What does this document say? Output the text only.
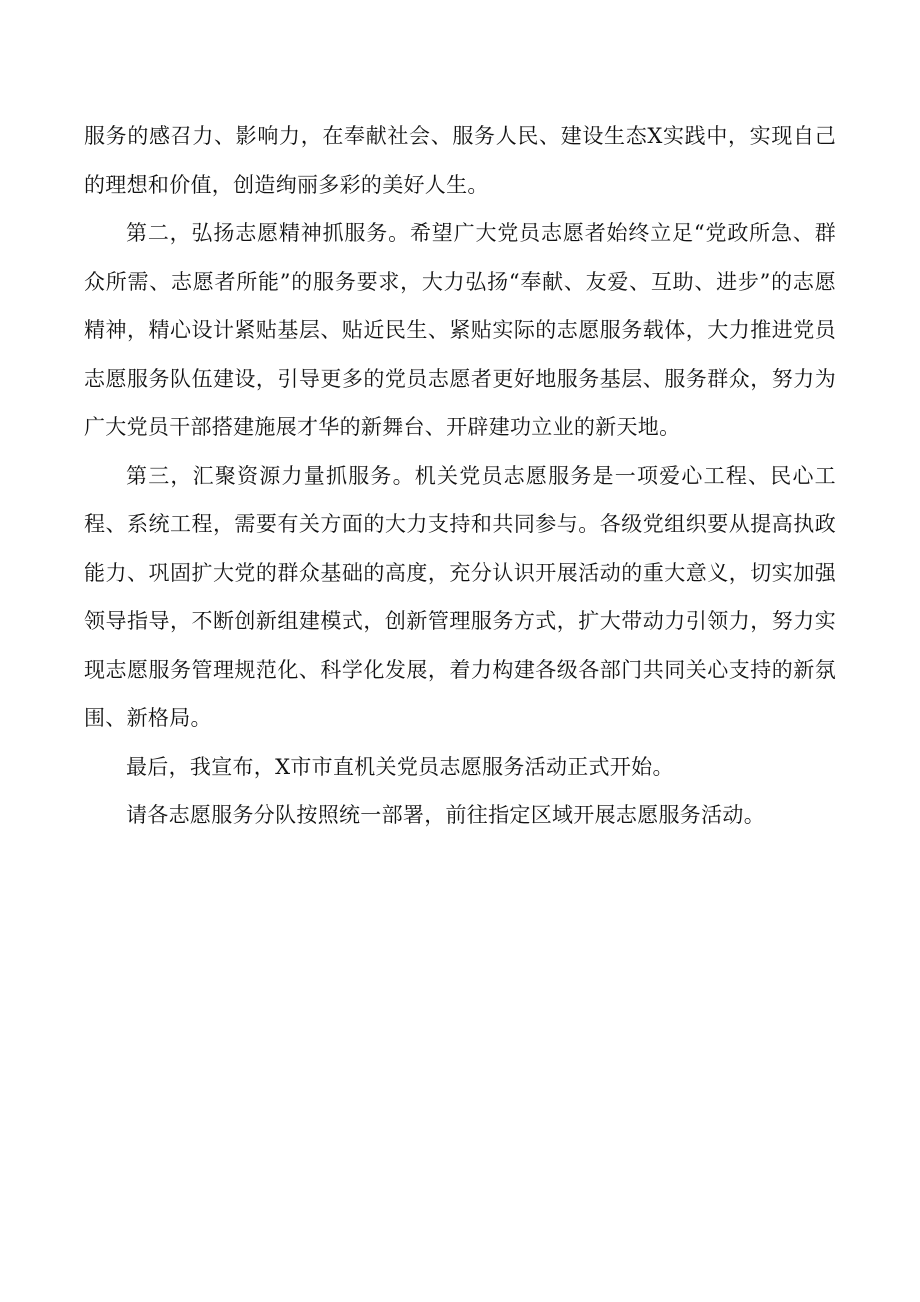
服务的感召力、影响力，在奉献社会、服务人民、建设生态X实践中，实现自己的理想和价值，创造绚丽多彩的美好人生。

第二，弘扬志愿精神抓服务。希望广大党员志愿者始终立足“党政所急、群众所需、志愿者所能”的服务要求，大力弘扬“奉献、友爱、互助、进步”的志愿精神，精心设计紧贴基层、贴近民生、紧贴实际的志愿服务载体，大力推进党员志愿服务队伍建设，引导更多的党员志愿者更好地服务基层、服务群众，努力为广大党员干部搭建施展才华的新舞台、开辟建功立业的新天地。

第三，汇聚资源力量抓服务。机关党员志愿服务是一项爱心工程、民心工程、系统工程，需要有关方面的大力支持和共同参与。各级党组织要从提高执政能力、巩固扩大党的群众基础的高度，充分认识开展活动的重大意义，切实加强领导指导，不断创新组建模式，创新管理服务方式，扩大带动力引领力，努力实现志愿服务管理规范化、科学化发展，着力构建各级各部门共同关心支持的新氛围、新格局。

最后，我宣布，X市市直机关党员志愿服务活动正式开始。

请各志愿服务分队按照统一部署，前往指定区域开展志愿服务活动。
